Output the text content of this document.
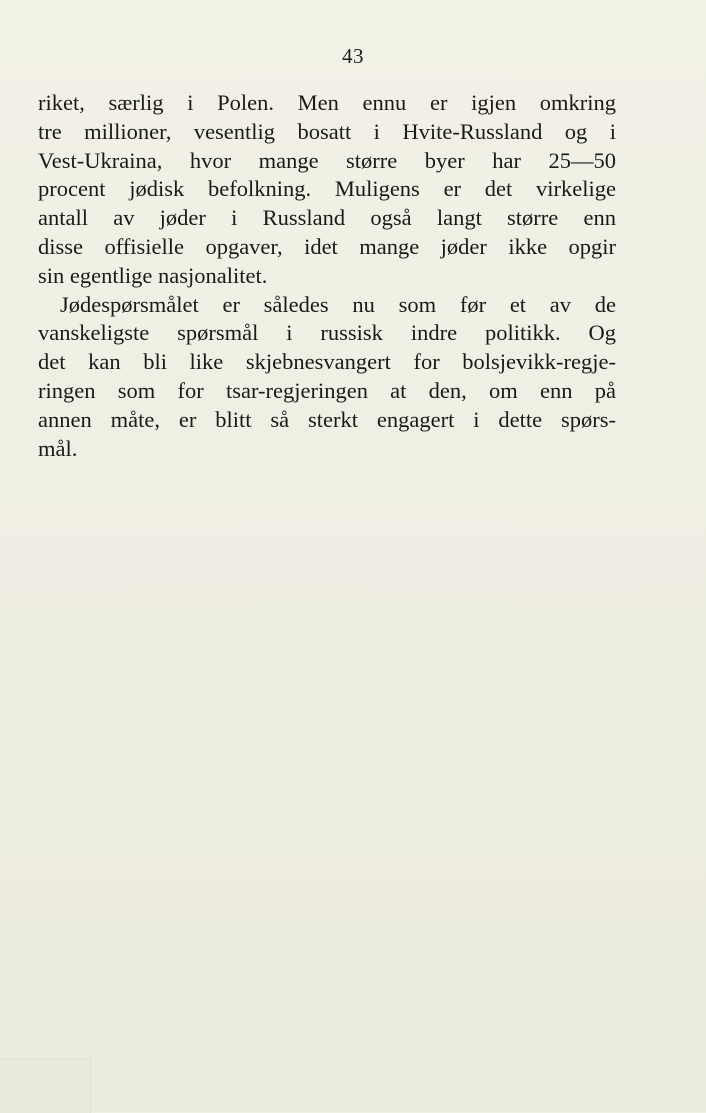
43
riket, særlig i Polen. Men ennu er igjen omkring
tre millioner, vesentlig bosatt i Hvite-Russland og i
Vest-Ukraina, hvor mange større byer har 25—50
procent jødisk befolkning. Muligens er det virkelige
antall av jøder i Russland også langt større enn
disse offisielle opgaver, idet mange jøder ikke opgir
sin egentlige nasjonalitet.
Jødespørsmålet er således nu som før et av de
vanskeligste spørsmål i russisk indre politikk. Og
det kan bli like skjebnesvangert for bolsjevikk-regje-
ringen som for tsar-regjeringen at den, om enn på
annen måte, er blitt så sterkt engagert i dette spørs-
mål.
